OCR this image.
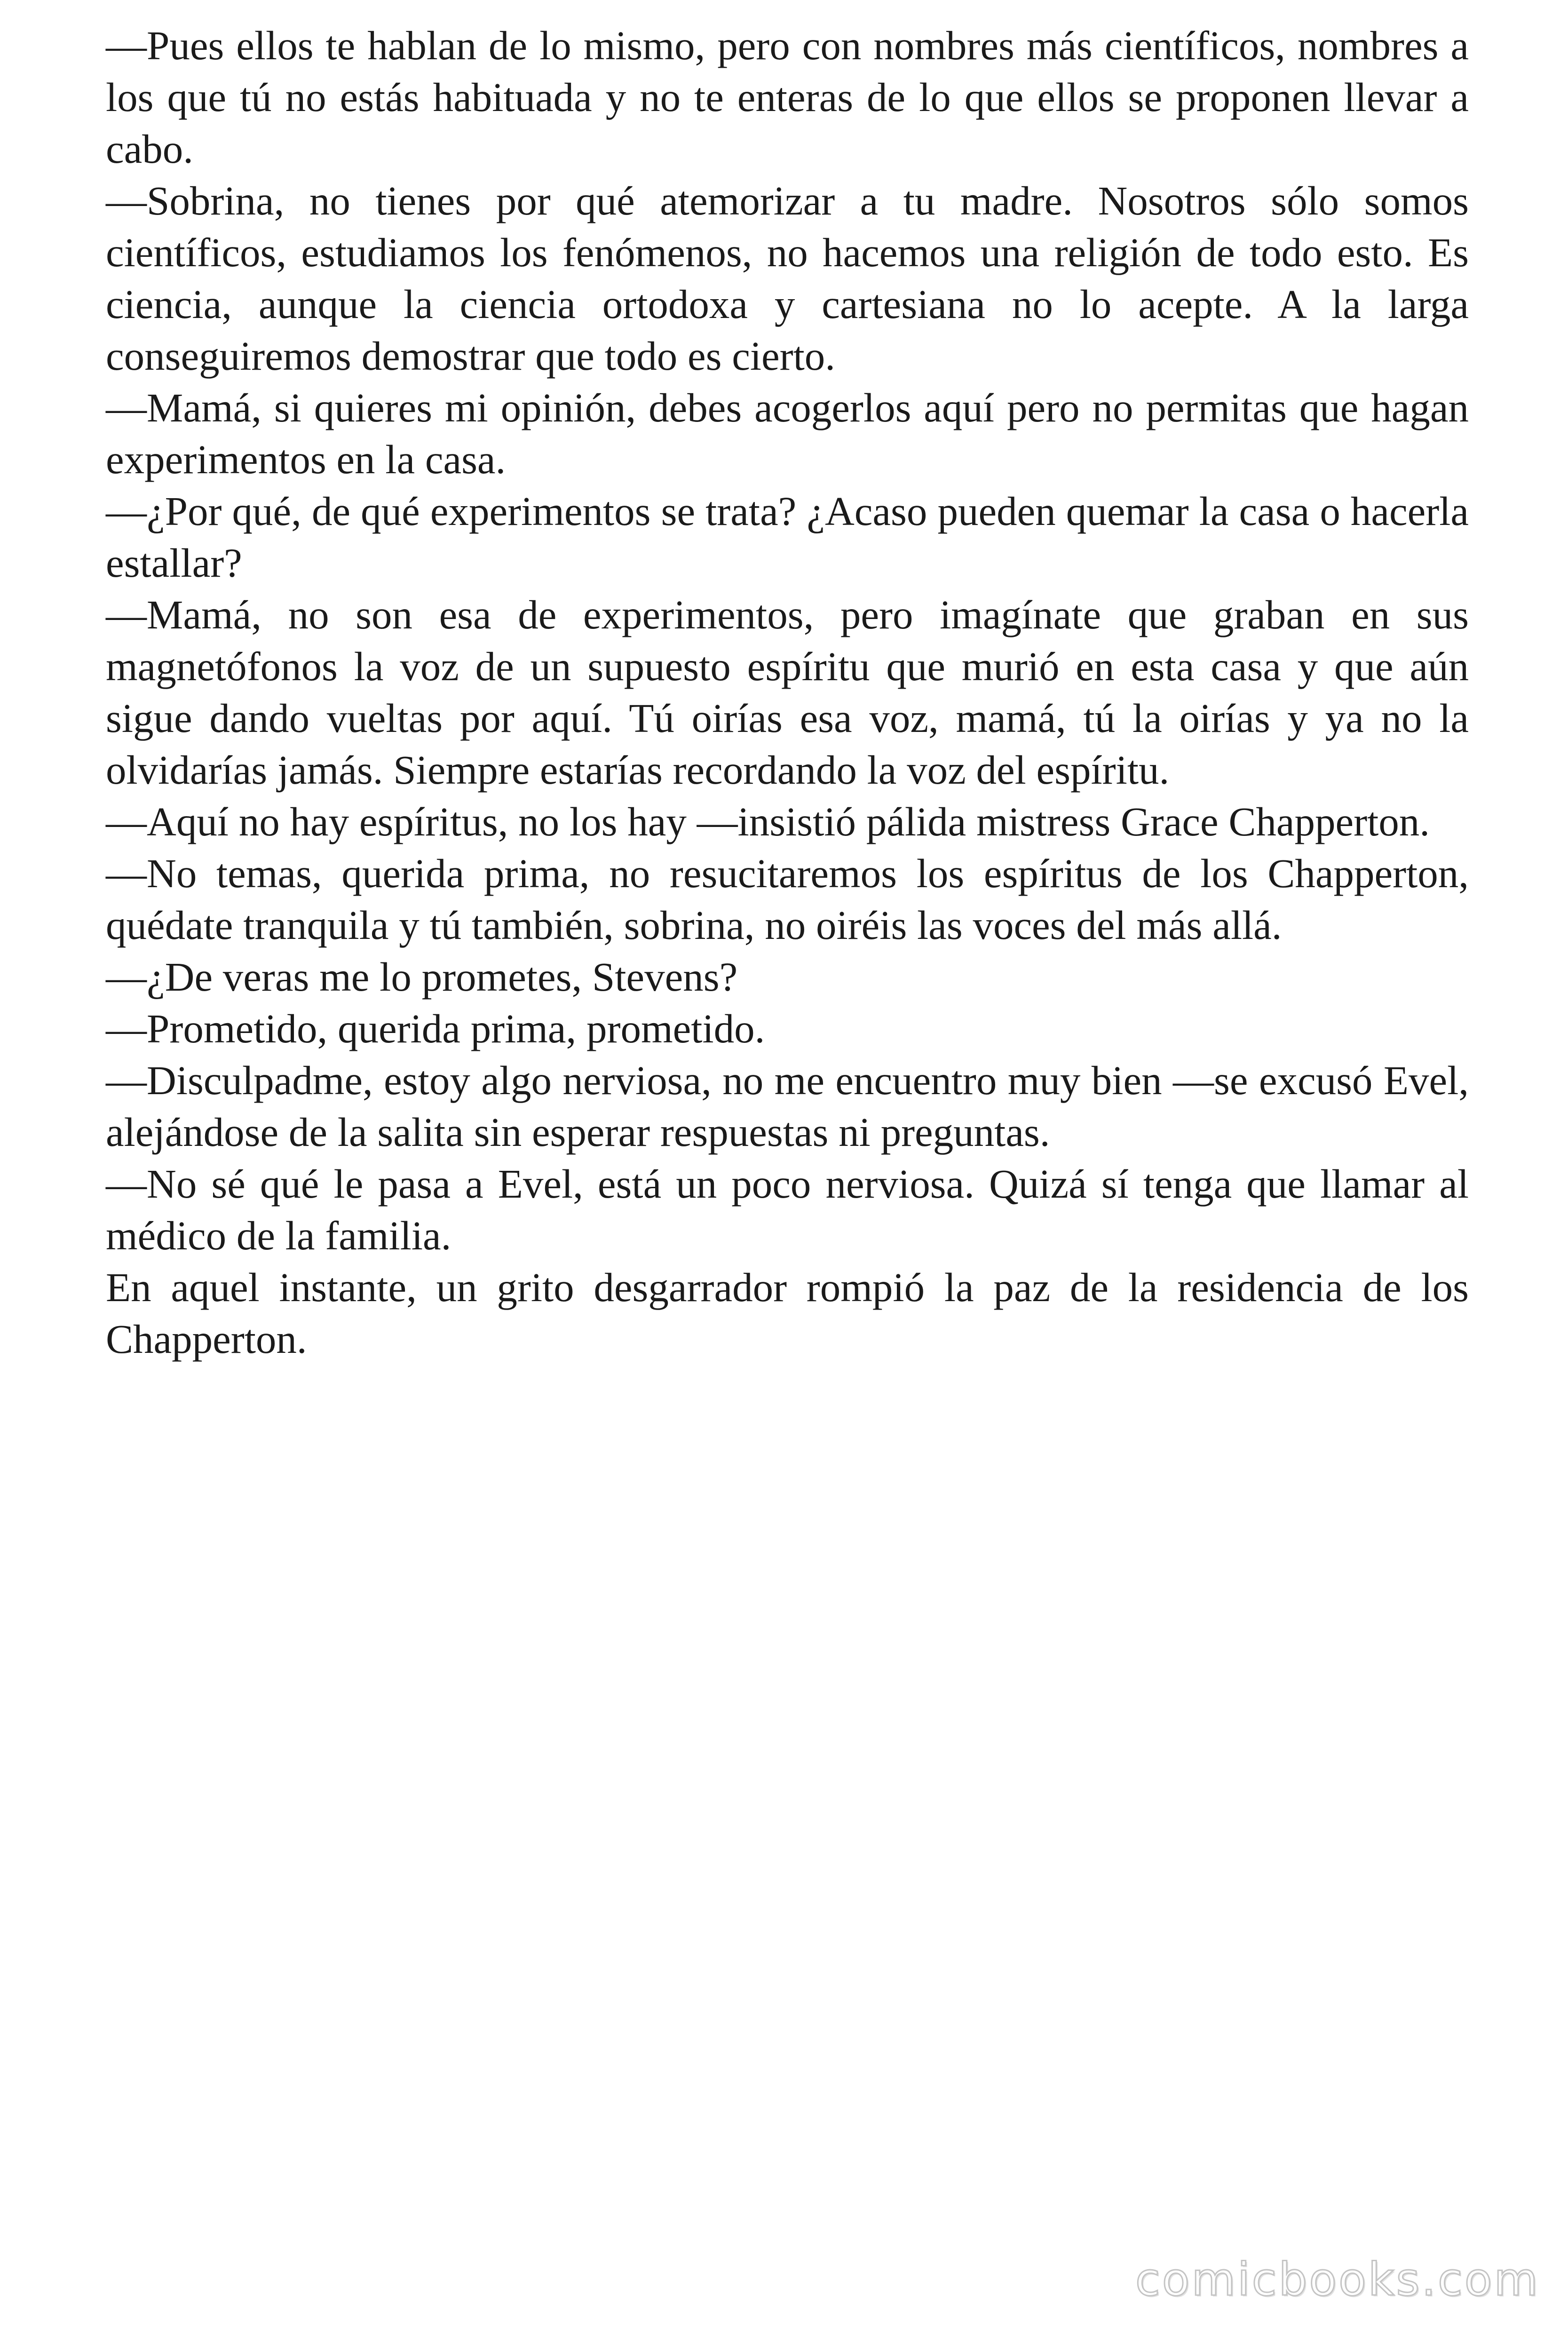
—Pues ellos te hablan de lo mismo, pero con nombres más científicos, nombres a los que tú no estás habituada y no te enteras de lo que ellos se proponen llevar a cabo.

—Sobrina, no tienes por qué atemorizar a tu madre. Nosotros sólo somos científicos, estudiamos los fenómenos, no hacemos una religión de todo esto. Es ciencia, aunque la ciencia ortodoxa y cartesiana no lo acepte. A la larga conseguiremos demostrar que todo es cierto.

—Mamá, si quieres mi opinión, debes acogerlos aquí pero no permitas que hagan experimentos en la casa.

—¿Por qué, de qué experimentos se trata? ¿Acaso pueden quemar la casa o hacerla estallar?

—Mamá, no son esa de experimentos, pero imagínate que graban en sus magnetófonos la voz de un supuesto espíritu que murió en esta casa y que aún sigue dando vueltas por aquí. Tú oirías esa voz, mamá, tú la oirías y ya no la olvidarías jamás. Siempre estarías recordando la voz del espíritu.

—Aquí no hay espíritus, no los hay —insistió pálida mistress Grace Chapperton.

—No temas, querida prima, no resucitaremos los espíritus de los Chapperton, quédate tranquila y tú también, sobrina, no oiréis las voces del más allá.

—¿De veras me lo prometes, Stevens?

—Prometido, querida prima, prometido.

—Disculpadme, estoy algo nerviosa, no me encuentro muy bien —se excusó Evel, alejándose de la salita sin esperar respuestas ni preguntas.

—No sé qué le pasa a Evel, está un poco nerviosa. Quizá sí tenga que llamar al médico de la familia.

En aquel instante, un grito desgarrador rompió la paz de la residencia de los Chapperton.

comicbooks.com
